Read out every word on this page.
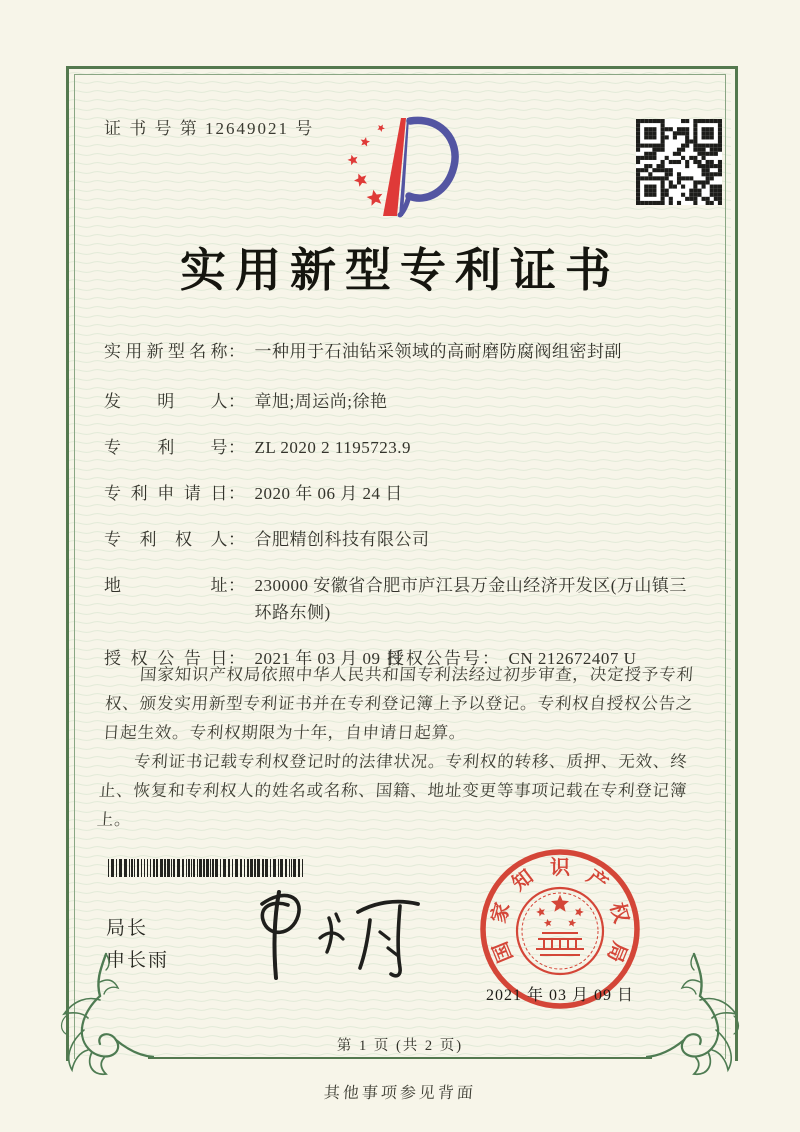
证 书 号 第 12649021 号
实用新型专利证书
实用新型名称： 一种用于石油钻采领域的高耐磨防腐阀组密封副
发明人： 章旭;周运尚;徐艳
专利号： ZL 2020 2 1195723.9
专利申请日： 2020 年 06 月 24 日
专利权人： 合肥精创科技有限公司
地址： 230000 安徽省合肥市庐江县万金山经济开发区(万山镇三环路东侧)
授权公告日： 2021 年 03 月 09 日
授权公告号： CN 212672407 U

国家知识产权局依照中华人民共和国专利法经过初步审查，决定授予专利权、颁发实用新型专利证书并在专利登记簿上予以登记。专利权自授权公告之日起生效。专利权期限为十年，自申请日起算。

专利证书记载专利权登记时的法律状况。专利权的转移、质押、无效、终止、恢复和专利权人的姓名或名称、国籍、地址变更等事项记载在专利登记簿上。

局长
申长雨	国
家
知 识 产
权
局
2021 年 03 月 09 日
第 1 页 (共 2 页)
其他事项参见背面
